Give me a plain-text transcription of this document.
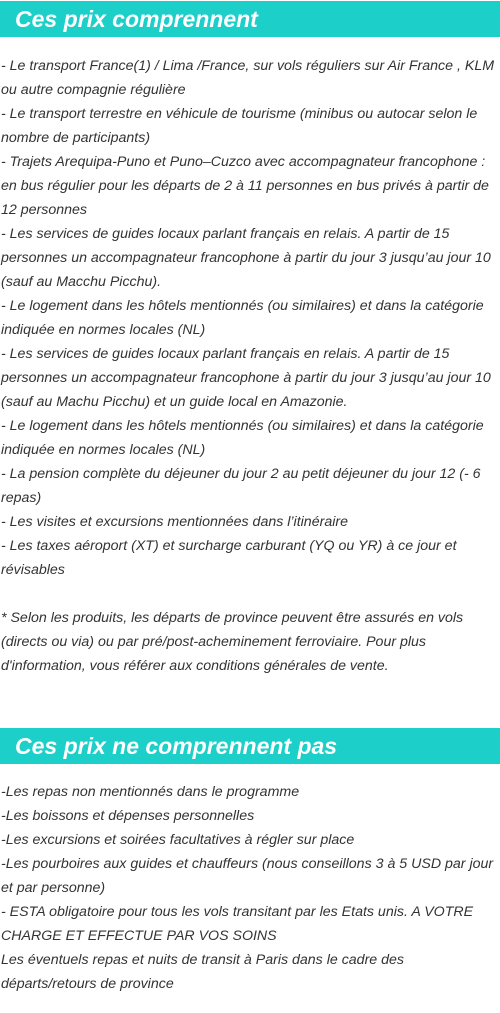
Ces prix comprennent
- Le transport France(1) / Lima /France, sur vols réguliers sur Air France , KLM ou autre compagnie régulière
- Le transport terrestre en véhicule de tourisme (minibus ou autocar selon le nombre de participants)
- Trajets Arequipa-Puno et Puno–Cuzco avec accompagnateur francophone : en bus régulier pour les départs de 2 à 11 personnes en bus privés à partir de 12 personnes
- Les services de guides locaux parlant français en relais. A partir de 15 personnes un accompagnateur francophone à partir du jour 3 jusqu’au jour 10 (sauf au Macchu Picchu).
- Le logement dans les hôtels mentionnés (ou similaires) et dans la catégorie indiquée en normes locales (NL)
- Les services de guides locaux parlant français en relais. A partir de 15 personnes un accompagnateur francophone à partir du jour 3 jusqu’au jour 10 (sauf au Machu Picchu) et un guide local en Amazonie.
- Le logement dans les hôtels mentionnés (ou similaires) et dans la catégorie indiquée en normes locales (NL)
- La pension complète du déjeuner du jour 2 au petit déjeuner du jour 12 (- 6 repas)
- Les visites et excursions mentionnées dans l’itinéraire
- Les taxes aéroport (XT) et surcharge carburant (YQ ou YR) à ce jour et révisables
* Selon les produits, les départs de province peuvent être assurés en vols (directs ou via) ou par pré/post-acheminement ferroviaire. Pour plus d'information, vous référer aux conditions générales de vente.
Ces prix ne comprennent pas
-Les repas non mentionnés dans le programme
-Les boissons et dépenses personnelles
-Les excursions et soirées facultatives à régler sur place
-Les pourboires aux guides et chauffeurs (nous conseillons 3 à 5 USD par jour et par personne)
- ESTA obligatoire pour tous les vols transitant par les Etats unis. A VOTRE CHARGE ET EFFECTUE PAR VOS SOINS
Les éventuels repas et nuits de transit à Paris dans le cadre des départs/retours de province
